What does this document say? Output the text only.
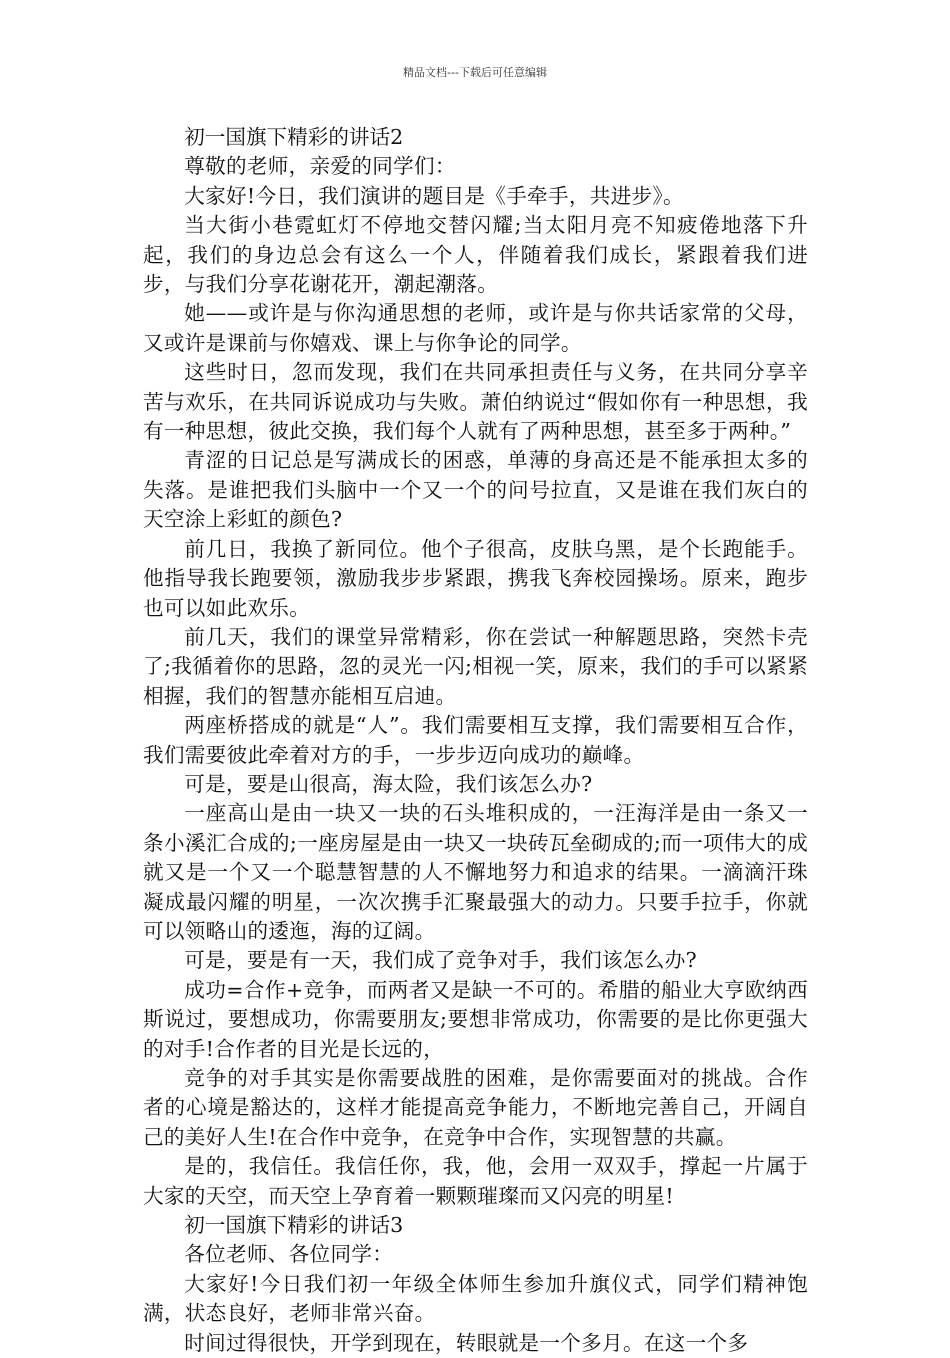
精品文档---下载后可任意编辑

初一国旗下精彩的讲话2

尊敬的老师，亲爱的同学们：

大家好!今日，我们演讲的题目是《手牵手，共进步》。

当大街小巷霓虹灯不停地交替闪耀;当太阳月亮不知疲倦地落下升起，我们的身边总会有这么一个人，伴随着我们成长，紧跟着我们进步，与我们分享花谢花开，潮起潮落。

她——或许是与你沟通思想的老师，或许是与你共话家常的父母，又或许是课前与你嬉戏、课上与你争论的同学。

这些时日，忽而发现，我们在共同承担责任与义务，在共同分享辛苦与欢乐，在共同诉说成功与失败。萧伯纳说过“假如你有一种思想，我有一种思想，彼此交换，我们每个人就有了两种思想，甚至多于两种。”

青涩的日记总是写满成长的困惑，单薄的身高还是不能承担太多的失落。是谁把我们头脑中一个又一个的问号拉直，又是谁在我们灰白的天空涂上彩虹的颜色?

前几日，我换了新同位。他个子很高，皮肤乌黑，是个长跑能手。他指导我长跑要领，激励我步步紧跟，携我飞奔校园操场。原来，跑步也可以如此欢乐。

前几天，我们的课堂异常精彩，你在尝试一种解题思路，突然卡壳了;我循着你的思路，忽的灵光一闪;相视一笑，原来，我们的手可以紧紧相握，我们的智慧亦能相互启迪。

两座桥搭成的就是“人”。我们需要相互支撑，我们需要相互合作，我们需要彼此牵着对方的手，一步步迈向成功的巅峰。

可是，要是山很高，海太险，我们该怎么办?

一座高山是由一块又一块的石头堆积成的，一汪海洋是由一条又一条小溪汇合成的;一座房屋是由一块又一块砖瓦垒砌成的;而一项伟大的成就又是一个又一个聪慧智慧的人不懈地努力和追求的结果。一滴滴汗珠凝成最闪耀的明星，一次次携手汇聚最强大的动力。只要手拉手，你就可以领略山的逶迤，海的辽阔。

可是，要是有一天，我们成了竞争对手，我们该怎么办?

成功=合作+竞争，而两者又是缺一不可的。希腊的船业大亨欧纳西斯说过，要想成功，你需要朋友;要想非常成功，你需要的是比你更强大的对手!合作者的目光是长远的，

竞争的对手其实是你需要战胜的困难，是你需要面对的挑战。合作者的心境是豁达的，这样才能提高竞争能力，不断地完善自己，开阔自己的美好人生!在合作中竞争，在竞争中合作，实现智慧的共赢。

是的，我信任。我信任你，我，他，会用一双双手，撑起一片属于大家的天空，而天空上孕育着一颗颗璀璨而又闪亮的明星!

初一国旗下精彩的讲话3

各位老师、各位同学：

大家好!今日我们初一年级全体师生参加升旗仪式，同学们精神饱满，状态良好，老师非常兴奋。

时间过得很快，开学到现在，转眼就是一个多月。在这一个多
